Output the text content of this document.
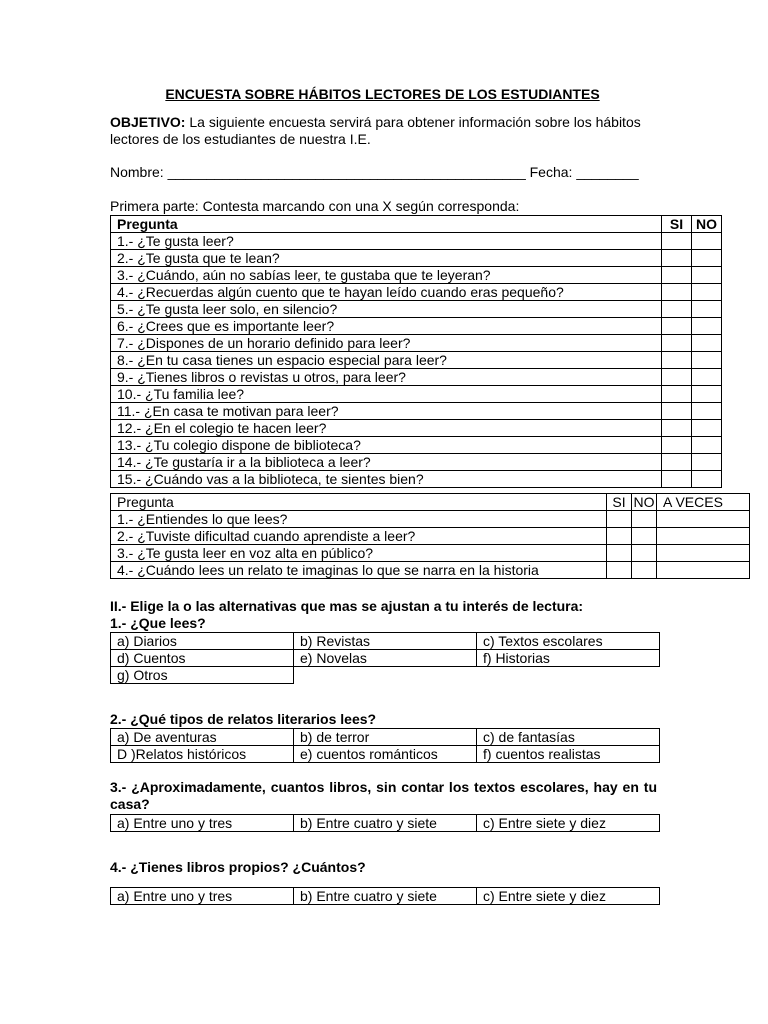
ENCUESTA SOBRE HÁBITOS LECTORES DE LOS ESTUDIANTES
OBJETIVO: La siguiente encuesta servirá para obtener información sobre los hábitos lectores de los estudiantes de nuestra I.E.
Nombre: ______________________________________________ Fecha: ________
Primera parte: Contesta marcando con una X según corresponda:
Pregunta	SI	NO
1.- ¿Te gusta leer?		
2.- ¿Te gusta que te lean?		
3.- ¿Cuándo, aún no sabías leer, te gustaba que te leyeran?		
4.- ¿Recuerdas algún cuento que te hayan leído cuando eras pequeño?		
5.- ¿Te gusta leer solo, en silencio?		
6.- ¿Crees que es importante leer?		
7.- ¿Dispones de un horario definido para leer?		
8.- ¿En tu casa tienes un espacio especial para leer?		
9.- ¿Tienes libros o revistas u otros, para leer?		
10.- ¿Tu familia lee?		
11.- ¿En casa te motivan para leer?		
12.- ¿En el colegio te hacen leer?		
13.- ¿Tu colegio dispone de biblioteca?		
14.- ¿Te gustaría ir a la biblioteca a leer?		
15.- ¿Cuándo vas a la biblioteca, te sientes bien?		
Pregunta	SI	NO	A VECES
1.- ¿Entiendes lo que lees?			
2.- ¿Tuviste dificultad cuando aprendiste a leer?			
3.- ¿Te gusta leer en voz alta en público?			
4.- ¿Cuándo lees un relato te imaginas lo que se narra en la historia			
II.- Elige la o las alternativas que mas se ajustan a tu interés de lectura:
1.- ¿Que lees?
a) Diarios	b) Revistas	c) Textos escolares
d) Cuentos	e) Novelas	f) Historias
g) Otros		
2.- ¿Qué tipos de relatos literarios lees?
a) De aventuras	b) de terror	c) de fantasías
D )Relatos históricos	e) cuentos románticos	f) cuentos realistas
3.- ¿Aproximadamente, cuantos libros, sin contar los textos escolares, hay en tu casa?
a) Entre uno y tres	b) Entre cuatro y siete	c) Entre siete y diez
4.- ¿Tienes libros propios? ¿Cuántos?
a) Entre uno y tres	b) Entre cuatro y siete	c) Entre siete y diez
